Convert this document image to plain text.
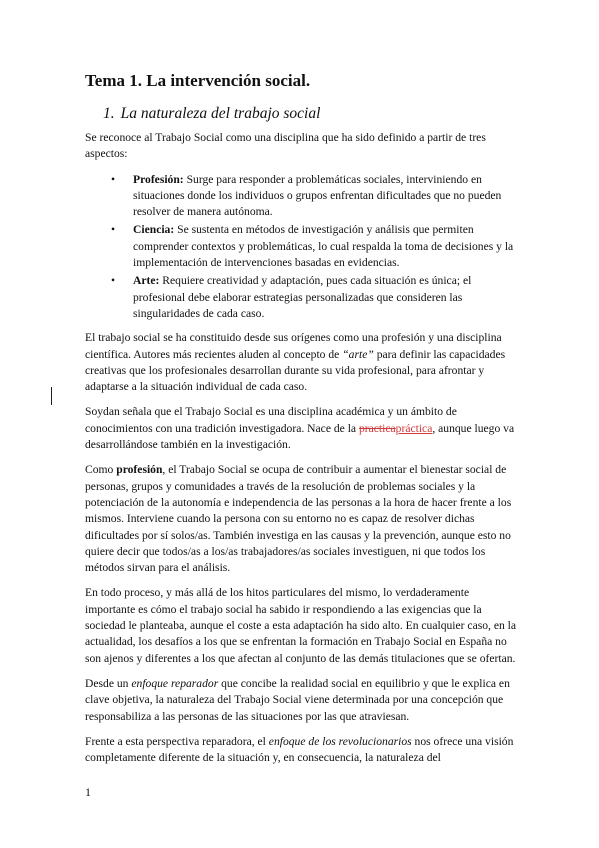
Tema 1. La intervención social.
1. La naturaleza del trabajo social

Se reconoce al Trabajo Social como una disciplina que ha sido definido a partir de tres aspectos:

• Profesión: Surge para responder a problemáticas sociales, interviniendo en situaciones donde los individuos o grupos enfrentan dificultades que no pueden resolver de manera autónoma.
• Ciencia: Se sustenta en métodos de investigación y análisis que permiten comprender contextos y problemáticas, lo cual respalda la toma de decisiones y la implementación de intervenciones basadas en evidencias.
• Arte: Requiere creatividad y adaptación, pues cada situación es única; el profesional debe elaborar estrategias personalizadas que consideren las singularidades de cada caso.

El trabajo social se ha constituido desde sus orígenes como una profesión y una disciplina científica. Autores más recientes aluden al concepto de “arte” para definir las capacidades creativas que los profesionales desarrollan durante su vida profesional, para afrontar y adaptarse a la situación individual de cada caso.

Soydan señala que el Trabajo Social es una disciplina académica y un ámbito de conocimientos con una tradición investigadora. Nace de la practicapráctica, aunque luego va desarrollándose también en la investigación.

Como profesión, el Trabajo Social se ocupa de contribuir a aumentar el bienestar social de personas, grupos y comunidades a través de la resolución de problemas sociales y la potenciación de la autonomía e independencia de las personas a la hora de hacer frente a los mismos. Interviene cuando la persona con su entorno no es capaz de resolver dichas dificultades por sí solos/as. También investiga en las causas y la prevención, aunque esto no quiere decir que todos/as a los/as trabajadores/as sociales investiguen, ni que todos los métodos sirvan para el análisis.

En todo proceso, y más allá de los hitos particulares del mismo, lo verdaderamente importante es cómo el trabajo social ha sabido ir respondiendo a las exigencias que la sociedad le planteaba, aunque el coste a esta adaptación ha sido alto. En cualquier caso, en la actualidad, los desafíos a los que se enfrentan la formación en Trabajo Social en España no son ajenos y diferentes a los que afectan al conjunto de las demás titulaciones que se ofertan.

Desde un enfoque reparador que concibe la realidad social en equilibrio y que le explica en clave objetiva, la naturaleza del Trabajo Social viene determinada por una concepción que responsabiliza a las personas de las situaciones por las que atraviesan.

Frente a esta perspectiva reparadora, el enfoque de los revolucionarios nos ofrece una visión completamente diferente de la situación y, en consecuencia, la naturaleza del

1
